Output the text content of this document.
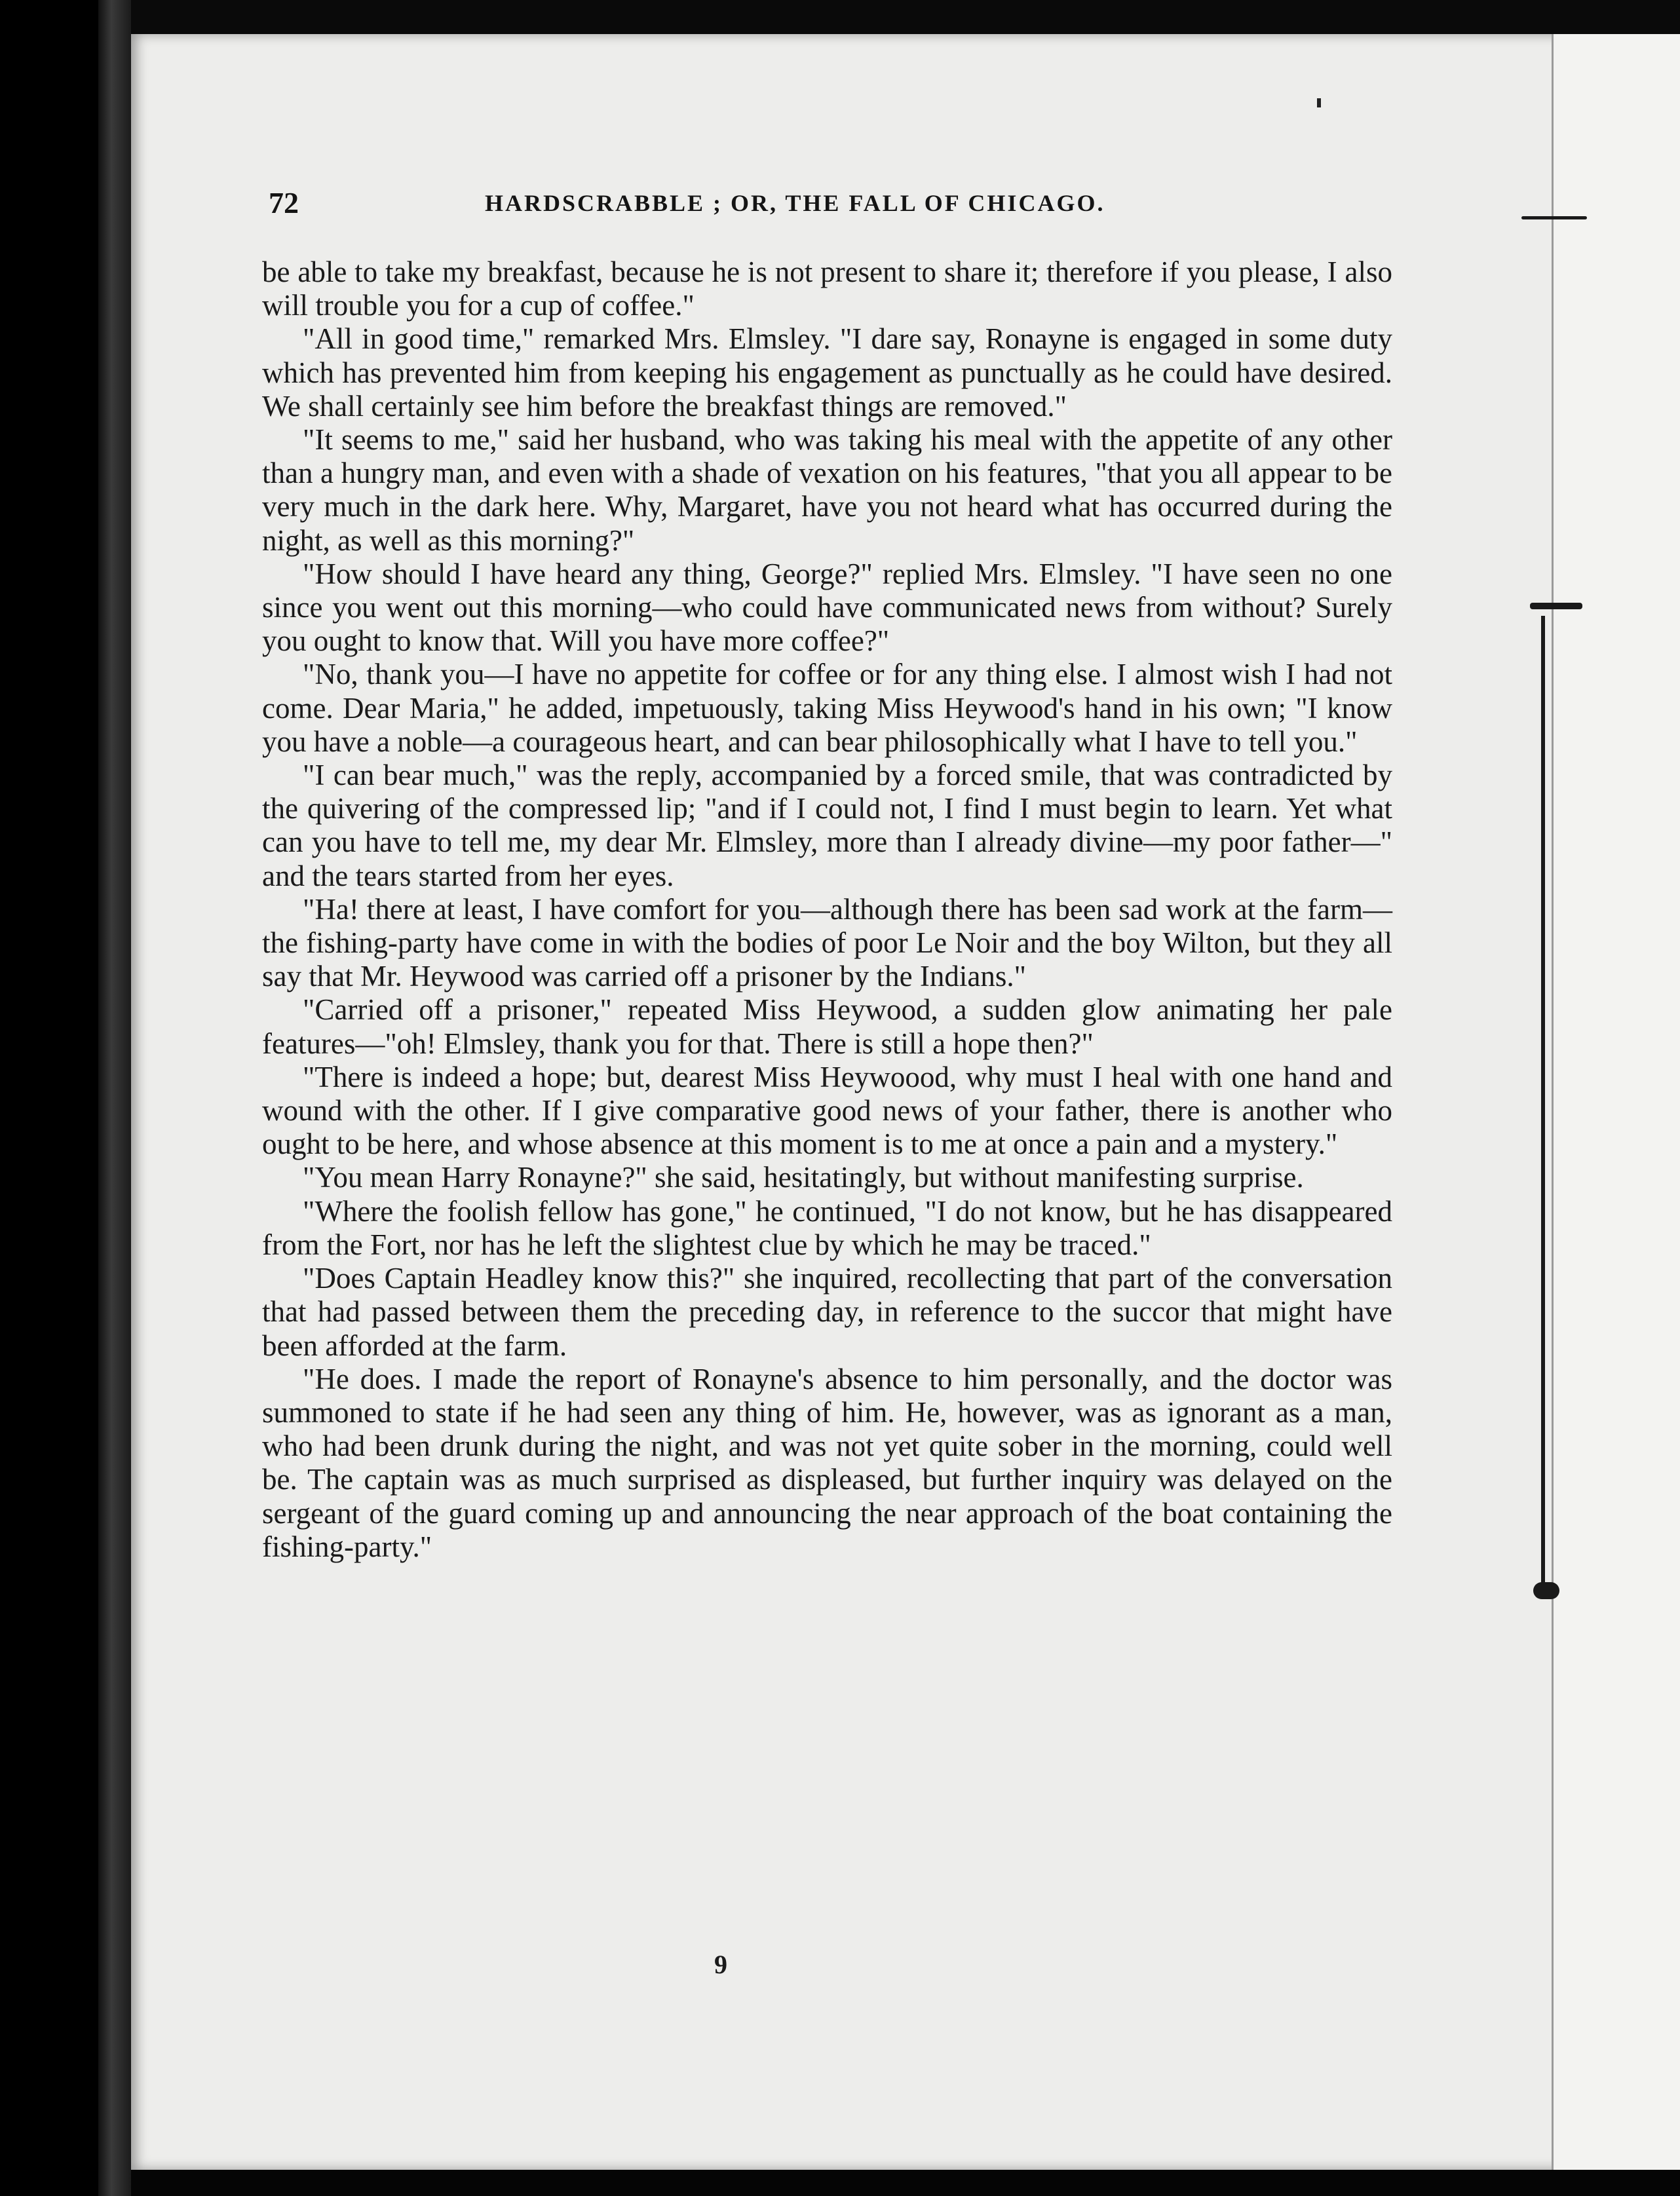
72	HARDSCRABBLE ; OR, THE FALL OF CHICAGO.

be able to take my breakfast, because he is not present to share it; therefore if you please, I also will trouble you for a cup of coffee."

"All in good time," remarked Mrs. Elmsley. "I dare say, Ronayne is engaged in some duty which has prevented him from keeping his engagement as punctually as he could have desired. We shall certainly see him before the breakfast things are removed."

"It seems to me," said her husband, who was taking his meal with the appetite of any other than a hungry man, and even with a shade of vexation on his features, "that you all appear to be very much in the dark here. Why, Margaret, have you not heard what has occurred during the night, as well as this morning?"

"How should I have heard any thing, George?" replied Mrs. Elmsley. "I have seen no one since you went out this morning—who could have communicated news from without? Surely you ought to know that. Will you have more coffee?"

"No, thank you—I have no appetite for coffee or for any thing else. I almost wish I had not come. Dear Maria," he added, impetuously, taking Miss Heywood's hand in his own; "I know you have a noble—a courageous heart, and can bear philosophically what I have to tell you."

"I can bear much," was the reply, accompanied by a forced smile, that was contradicted by the quivering of the compressed lip; "and if I could not, I find I must begin to learn. Yet what can you have to tell me, my dear Mr. Elmsley, more than I already divine—my poor father—" and the tears started from her eyes.

"Ha! there at least, I have comfort for you—although there has been sad work at the farm—the fishing-party have come in with the bodies of poor Le Noir and the boy Wilton, but they all say that Mr. Heywood was carried off a prisoner by the Indians."

"Carried off a prisoner," repeated Miss Heywood, a sudden glow animating her pale features—"oh! Elmsley, thank you for that. There is still a hope then?"

"There is indeed a hope; but, dearest Miss Heywoood, why must I heal with one hand and wound with the other. If I give comparative good news of your father, there is another who ought to be here, and whose absence at this moment is to me at once a pain and a mystery."

"You mean Harry Ronayne?" she said, hesitatingly, but without manifesting surprise.

"Where the foolish fellow has gone," he continued, "I do not know, but he has disappeared from the Fort, nor has he left the slightest clue by which he may be traced."

"Does Captain Headley know this?" she inquired, recollecting that part of the conversation that had passed between them the preceding day, in reference to the succor that might have been afforded at the farm.

"He does. I made the report of Ronayne's absence to him personally, and the doctor was summoned to state if he had seen any thing of him. He, however, was as ignorant as a man, who had been drunk during the night, and was not yet quite sober in the morning, could well be. The captain was as much surprised as displeased, but further inquiry was delayed on the sergeant of the guard coming up and announcing the near approach of the boat containing the fishing-party."

9
